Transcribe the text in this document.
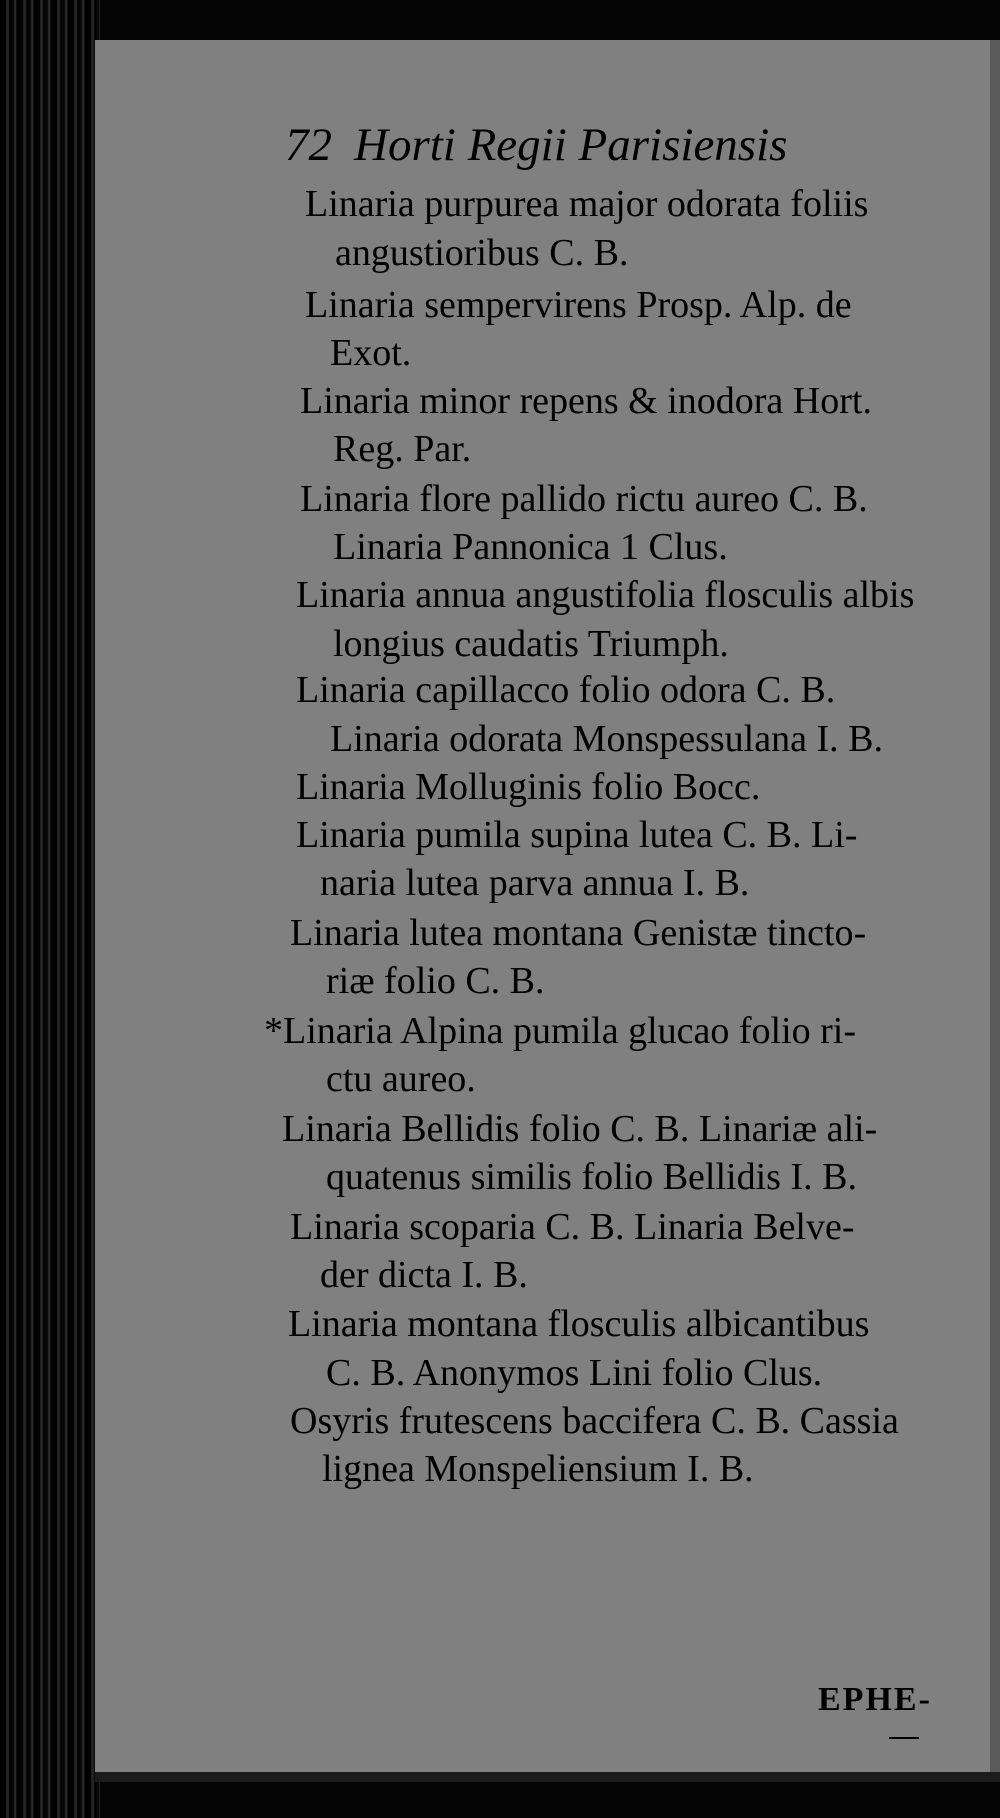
72 Horti Regii Parisiensis
Linaria purpurea major odorata foliis
angustioribus C. B.
Linaria sempervirens Prosp. Alp. de
Exot.
Linaria minor repens & inodora Hort.
Reg. Par.
Linaria flore pallido rictu aureo C. B.
Linaria Pannonica 1 Clus.
Linaria annua angustifolia flosculis albis
longius caudatis Triumph.
Linaria capillacco folio odora C. B.
Linaria odorata Monspessulana I. B.
Linaria Molluginis folio Bocc.
Linaria pumila supina lutea C. B. Li-
naria lutea parva annua I. B.
Linaria lutea montana Genistæ tincto-
riæ folio C. B.
*Linaria Alpina pumila glucao folio ri-
ctu aureo.
Linaria Bellidis folio C. B. Linariæ ali-
quatenus similis folio Bellidis I. B.
Linaria scoparia C. B. Linaria Belve-
der dicta I. B.
Linaria montana flosculis albicantibus
C. B. Anonymos Lini folio Clus.
Osyris frutescens baccifera C. B. Cassia
lignea Monspeliensium I. B.
EPHE-
